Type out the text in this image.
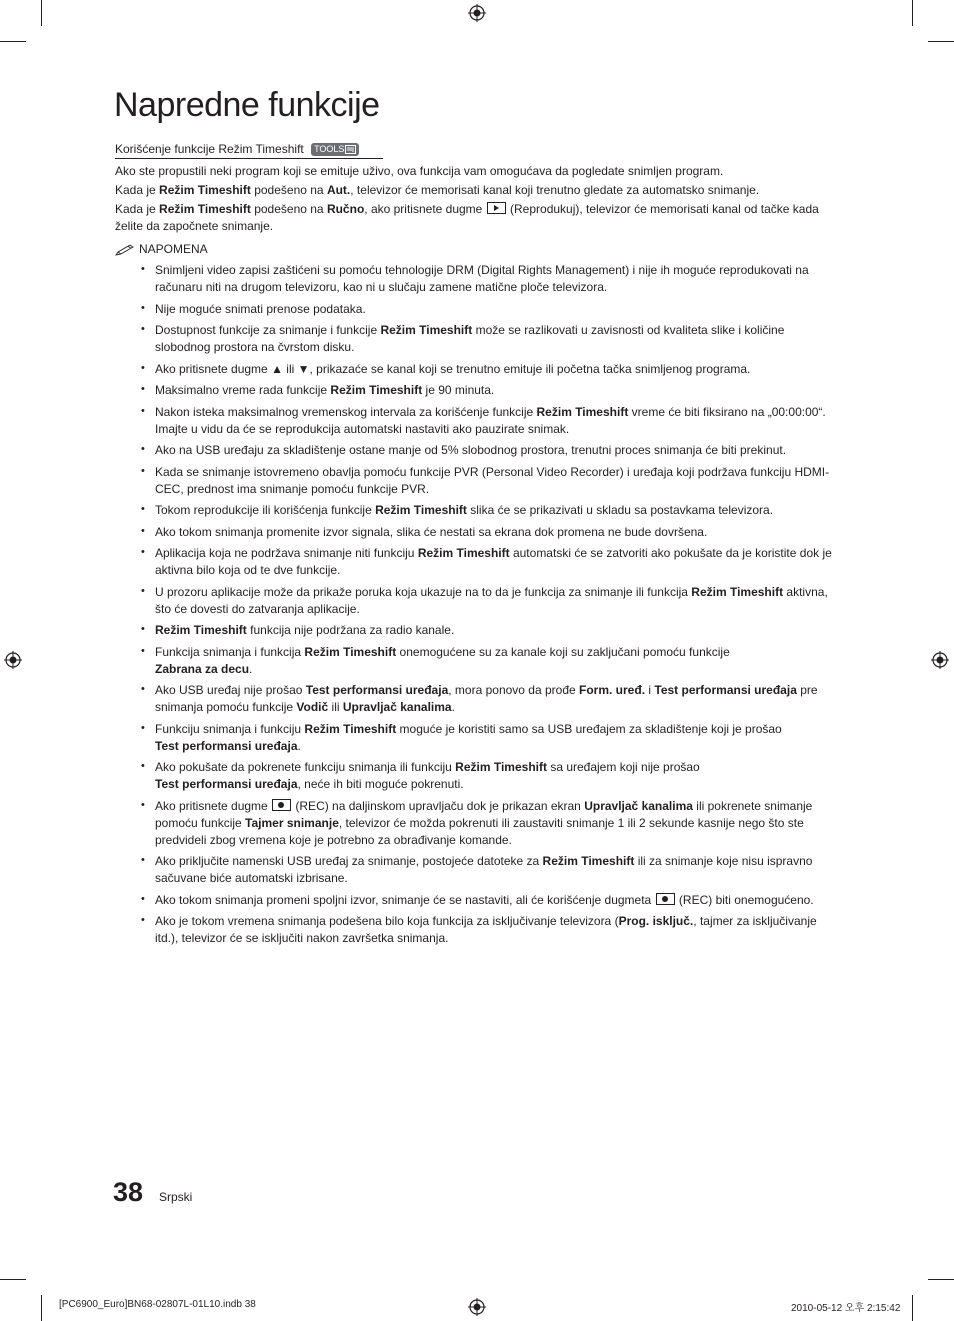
Napredne funkcije
Korišćenje funkcije Režim Timeshift TOOLS

Ako ste propustili neki program koji se emituje uživo, ova funkcija vam omogućava da pogledate snimljen program.

Kada je Režim Timeshift podešeno na Aut., televizor će memorisati kanal koji trenutno gledate za automatsko snimanje.

Kada je Režim Timeshift podešeno na Ručno, ako pritisnete dugme  (Reprodukuj), televizor će memorisati kanal od tačke kada želite da započnete snimanje.

NAPOMENA
• Snimljeni video zapisi zaštićeni su pomoću tehnologije DRM (Digital Rights Management) i nije ih moguće reprodukovati na računaru niti na drugom televizoru, kao ni u slučaju zamene matične ploče televizora.
• Nije moguće snimati prenose podataka.
• Dostupnost funkcije za snimanje i funkcije Režim Timeshift može se razlikovati u zavisnosti od kvaliteta slike i količine slobodnog prostora na čvrstom disku.
• Ako pritisnete dugme ▲ ili ▼, prikazaće se kanal koji se trenutno emituje ili početna tačka snimljenog programa.
• Maksimalno vreme rada funkcije Režim Timeshift je 90 minuta.
• Nakon isteka maksimalnog vremenskog intervala za korišćenje funkcije Režim Timeshift vreme će biti fiksirano na „00:00:00“. Imajte u vidu da će se reprodukcija automatski nastaviti ako pauzirate snimak.
• Ako na USB uređaju za skladištenje ostane manje od 5% slobodnog prostora, trenutni proces snimanja će biti prekinut.
• Kada se snimanje istovremeno obavlja pomoću funkcije PVR (Personal Video Recorder) i uređaja koji podržava funkciju HDMI-CEC, prednost ima snimanje pomoću funkcije PVR.
• Tokom reprodukcije ili korišćenja funkcije Režim Timeshift slika će se prikazivati u skladu sa postavkama televizora.
• Ako tokom snimanja promenite izvor signala, slika će nestati sa ekrana dok promena ne bude dovršena.
• Aplikacija koja ne podržava snimanje niti funkciju Režim Timeshift automatski će se zatvoriti ako pokušate da je koristite dok je aktivna bilo koja od te dve funkcije.
• U prozoru aplikacije može da prikaže poruka koja ukazuje na to da je funkcija za snimanje ili funkcija Režim Timeshift aktivna, što će dovesti do zatvaranja aplikacije.
• Režim Timeshift funkcija nije podržana za radio kanale.
• Funkcija snimanja i funkcija Režim Timeshift onemogućene su za kanale koji su zaključani pomoću funkcije
Zabrana za decu.
• Ako USB uređaj nije prošao Test performansi uređaja, mora ponovo da prođe Form. uređ. i Test performansi uređaja pre snimanja pomoću funkcije Vodič ili Upravljač kanalima.
• Funkciju snimanja i funkciju Režim Timeshift moguće je koristiti samo sa USB uređajem za skladištenje koji je prošao
Test performansi uređaja.
• Ako pokušate da pokrenete funkciju snimanja ili funkciju Režim Timeshift sa uređajem koji nije prošao
Test performansi uređaja, neće ih biti moguće pokrenuti.
• Ako pritisnete dugme  (REC) na daljinskom upravljaču dok je prikazan ekran Upravljač kanalima ili pokrenete snimanje pomoću funkcije Tajmer snimanje, televizor će možda pokrenuti ili zaustaviti snimanje 1 ili 2 sekunde kasnije nego što ste predvideli zbog vremena koje je potrebno za obrađivanje komande.
• Ako priključite namenski USB uređaj za snimanje, postojeće datoteke za Režim Timeshift ili za snimanje koje nisu ispravno sačuvane biće automatski izbrisane.
• Ako tokom snimanja promeni spoljni izvor, snimanje će se nastaviti, ali će korišćenje dugmeta  (REC) biti onemogućeno.
• Ako je tokom vremena snimanja podešena bilo koja funkcija za isključivanje televizora (Prog. isključ., tajmer za isključivanje itd.), televizor će se isključiti nakon završetka snimanja.
38 Srpski
[PC6900_Euro]BN68-02807L-01L10.indb 38	2010-05-12 오후 2:15:42
